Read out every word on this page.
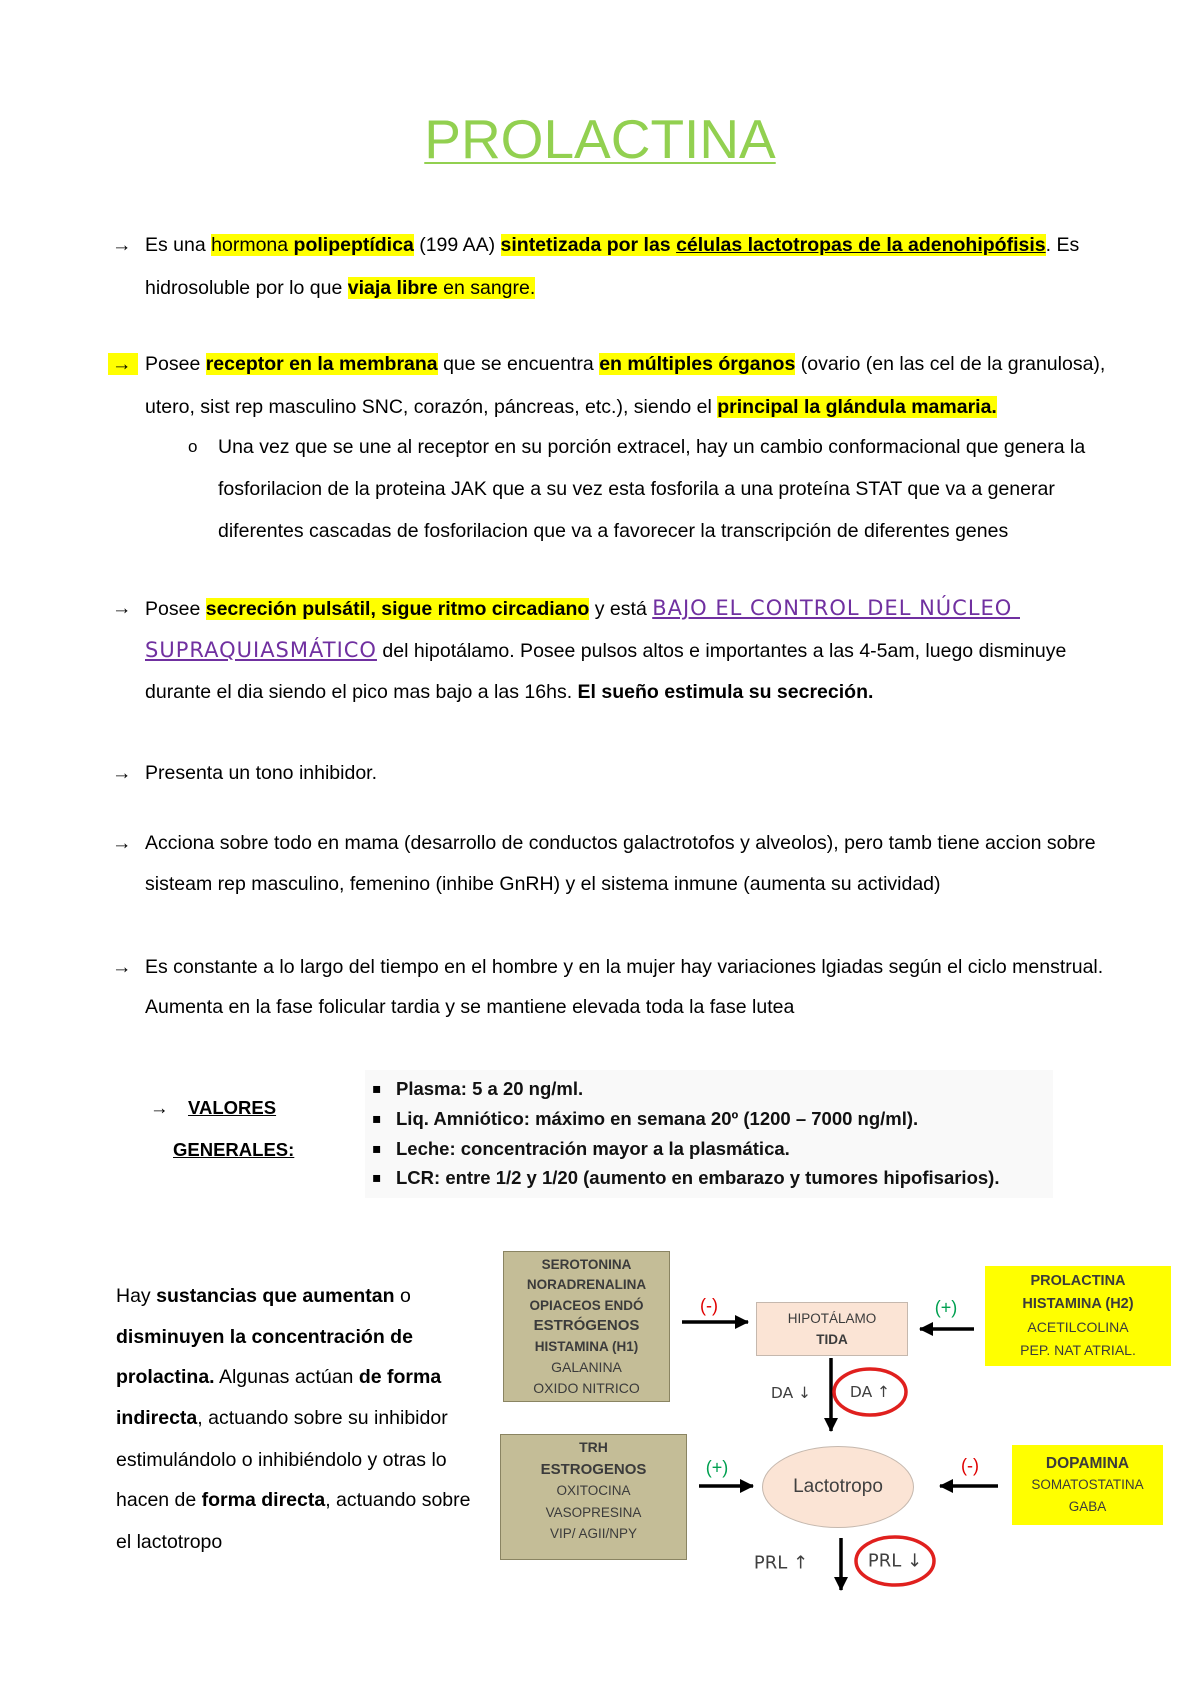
PROLACTINA
→ Es una hormona polipeptídica (199 AA) sintetizada por las células lactotropas de la adenohipófisis. Es
hidrosoluble por lo que viaja libre en sangre.
→ Posee receptor en la membrana que se encuentra en múltiples órganos (ovario (en las cel de la granulosa),
utero, sist rep masculino SNC, corazón, páncreas, etc.), siendo el principal la glándula mamaria.
o Una vez que se une al receptor en su porción extracel, hay un cambio conformacional que genera la
fosforilacion de la proteina JAK que a su vez esta fosforila a una proteína STAT que va a generar
diferentes cascadas de fosforilacion que va a favorecer la transcripción de diferentes genes
→ Posee secreción pulsátil, sigue ritmo circadiano y está BAJO EL CONTROL DEL NÚCLEO
SUPRAQUIASMÁTICO del hipotálamo. Posee pulsos altos e importantes a las 4-5am, luego disminuye
durante el dia siendo el pico mas bajo a las 16hs. El sueño estimula su secreción.
→ Presenta un tono inhibidor.
→ Acciona sobre todo en mama (desarrollo de conductos galactrotofos y alveolos), pero tamb tiene accion sobre
sisteam rep masculino, femenino (inhibe GnRH) y el sistema inmune (aumenta su actividad)
→ Es constante a lo largo del tiempo en el hombre y en la mujer hay variaciones lgiadas según el ciclo menstrual.
Aumenta en la fase folicular tardia y se mantiene elevada toda la fase lutea
→ VALORES
GENERALES:
▪ Plasma: 5 a 20 ng/ml.
▪ Liq. Amniótico: máximo en semana 20º (1200 – 7000 ng/ml).
▪ Leche: concentración mayor a la plasmática.
▪ LCR: entre 1/2 y 1/20 (aumento en embarazo y tumores hipofisarios).
Hay sustancias que aumentan o
disminuyen la concentración de
prolactina. Algunas actúan de forma
indirecta, actuando sobre su inhibidor
estimulándolo o inhibiéndolo y otras lo
hacen de forma directa, actuando sobre
el lactotropo
SEROTONINA
NORADRENALINA
OPIACEOS ENDÓ
ESTRÓGENOS
HISTAMINA (H1)
GALANINA
OXIDO NITRICO
HIPOTÁLAMO
TIDA
PROLACTINA
HISTAMINA (H2)
ACETILCOLINA
PEP. NAT ATRIAL.
TRH
ESTROGENOS
OXITOCINA
VASOPRESINA
VIP/ AGII/NPY
Lactotropo
DOPAMINA
SOMATOSTATINA
GABA
(-)	(+)
DA ↓	DA ↑
(+)	(-)
PRL ↑	PRL ↓
